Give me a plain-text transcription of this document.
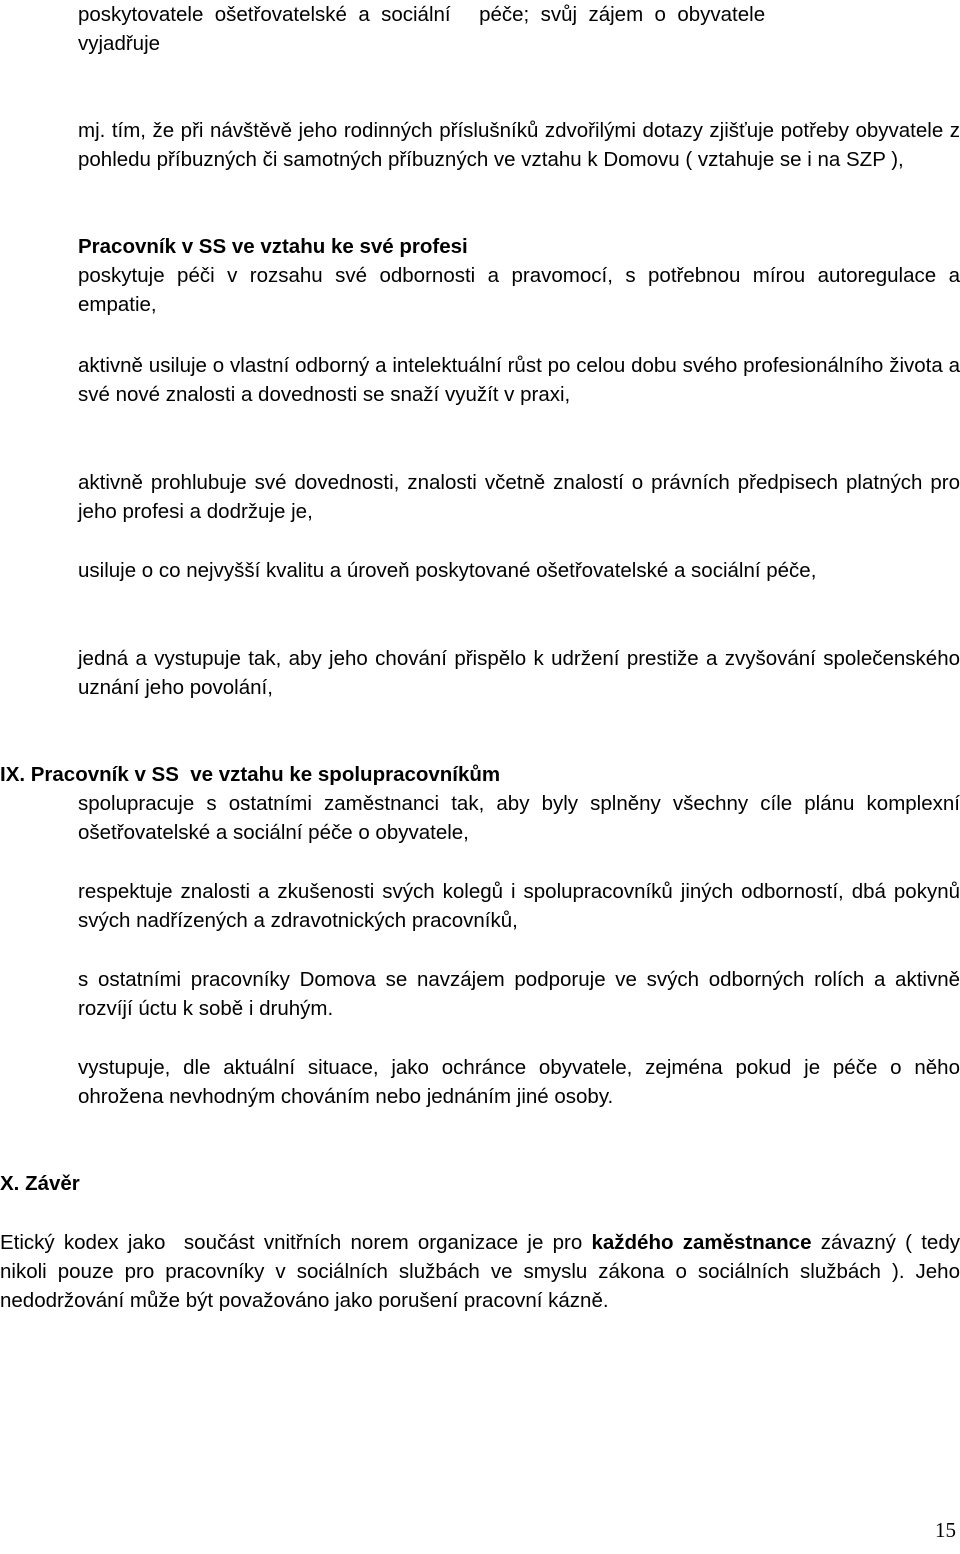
poskytovatele  ošetřovatelské  a  sociální     péče;  svůj  zájem  o  obyvatele
vyjadřuje

mj. tím, že při návštěvě jeho rodinných příslušníků zdvořilými dotazy zjišťuje potřeby obyvatele z pohledu příbuzných či samotných příbuzných ve vztahu k Domovu ( vztahuje se i na SZP ),

Pracovník v SS ve vztahu ke své profesi

poskytuje péči v rozsahu své odbornosti a pravomocí, s potřebnou mírou autoregulace a empatie,

aktivně usiluje o vlastní odborný a intelektuální růst po celou dobu svého profesionálního života a své nové znalosti a dovednosti se snaží využít v praxi,

aktivně prohlubuje své dovednosti, znalosti včetně znalostí o právních předpisech platných pro jeho profesi a dodržuje je,

usiluje o co nejvyšší kvalitu a úroveň poskytované ošetřovatelské a sociální péče,

jedná a vystupuje tak, aby jeho chování přispělo k udržení prestiže a zvyšování společenského uznání jeho povolání,

IX. Pracovník v SS  ve vztahu ke spolupracovníkům

spolupracuje s ostatními zaměstnanci tak, aby byly splněny všechny cíle plánu komplexní ošetřovatelské a sociální péče o obyvatele,

respektuje znalosti a zkušenosti svých kolegů i spolupracovníků jiných odborností, dbá pokynů svých nadřízených a zdravotnických pracovníků,

s ostatními pracovníky Domova se navzájem podporuje ve svých odborných rolích a aktivně rozvíjí úctu k sobě i druhým.

vystupuje, dle aktuální situace, jako ochránce obyvatele, zejména pokud je péče o něho ohrožena nevhodným chováním nebo jednáním jiné osoby.

X. Závěr

Etický kodex jako  součást vnitřních norem organizace je pro každého zaměstnance závazný ( tedy nikoli pouze pro pracovníky v sociálních službách ve smyslu zákona o sociálních službách ). Jeho nedodržování může být považováno jako porušení pracovní kázně.

15
